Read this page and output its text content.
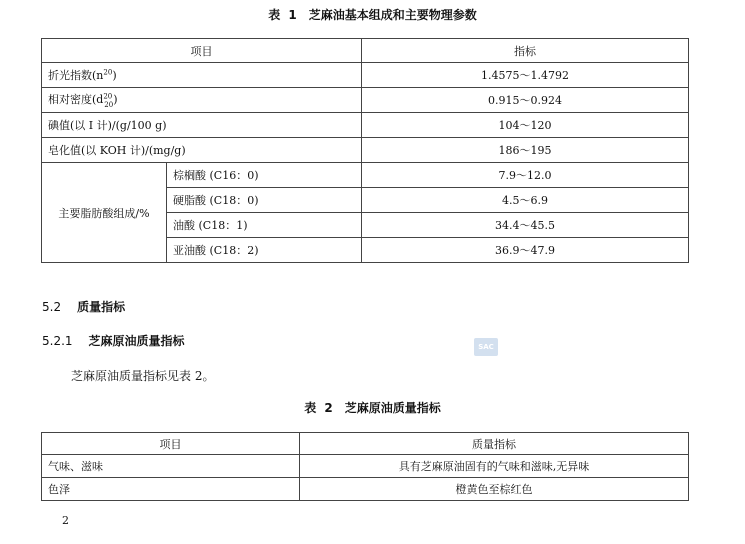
表 1　芝麻油基本组成和主要物理参数
项目		指标
折光指数$(n^{20})$		1.4575～1.4792
相对密度$(d^{20}_{20})$		0.915～0.924
碘值(以 I 计)/(g/100 g)		104～120
皂化值(以 KOH 计)/(mg/g)		186～195
主要脂肪酸组成/%	棕榈酸 (C16：0)	7.9～12.0
	硬脂酸 (C18：0)	4.5～6.9
	油酸 (C18：1)	34.4～45.5
	亚油酸 (C18：2)	36.9～47.9
5.2 质量指标
5.2.1 芝麻原油质量指标	SAC
芝麻原油质量指标见表 2。
表 2　芝麻原油质量指标
项目	质量指标
气味、滋味	具有芝麻原油固有的气味和滋味,无异味
色泽	橙黄色至棕红色
2
